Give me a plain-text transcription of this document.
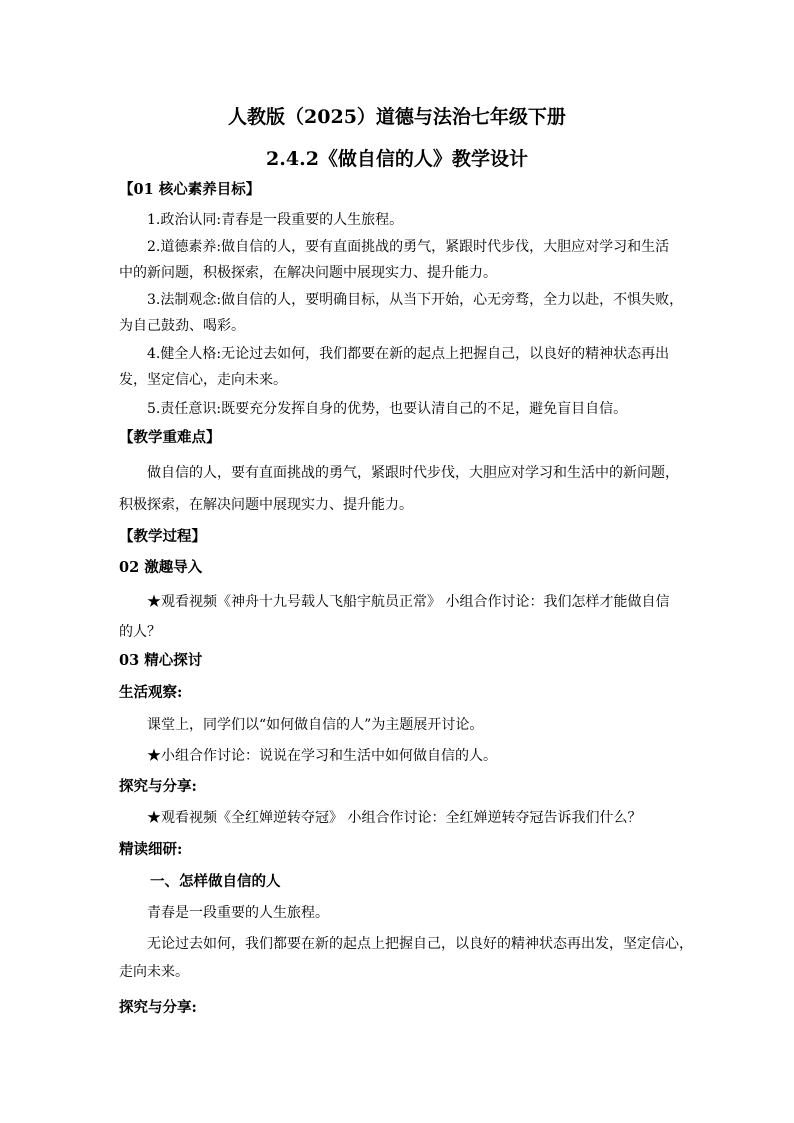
人教版（2025）道德与法治七年级下册
2.4.2《做自信的人》教学设计
【01 核心素养目标】
1.政治认同:青春是一段重要的人生旅程。
2.道德素养:做自信的人，要有直面挑战的勇气，紧跟时代步伐，大胆应对学习和生活
中的新问题，积极探索，在解决问题中展现实力、提升能力。
3.法制观念:做自信的人，要明确目标，从当下开始，心无旁骛，全力以赴，不惧失败，
为自己鼓劲、喝彩。
4.健全人格:无论过去如何，我们都要在新的起点上把握自己，以良好的精神状态再出
发，坚定信心，走向未来。
5.责任意识:既要充分发挥自身的优势，也要认清自己的不足，避免盲目自信。
【教学重难点】
做自信的人，要有直面挑战的勇气，紧跟时代步伐，大胆应对学习和生活中的新问题，
积极探索，在解决问题中展现实力、提升能力。
【教学过程】
02 激趣导入
★观看视频《神舟十九号载人飞船宇航员正常》 小组合作讨论：我们怎样才能做自信
的人？
03 精心探讨
生活观察:
课堂上，同学们以“如何做自信的人”为主题展开讨论。
★小组合作讨论：说说在学习和生活中如何做自信的人。
探究与分享:
★观看视频《全红婵逆转夺冠》 小组合作讨论：全红婵逆转夺冠告诉我们什么？
精读细研:
一、怎样做自信的人
青春是一段重要的人生旅程。
无论过去如何，我们都要在新的起点上把握自己，以良好的精神状态再出发，坚定信心，
走向未来。
探究与分享:
